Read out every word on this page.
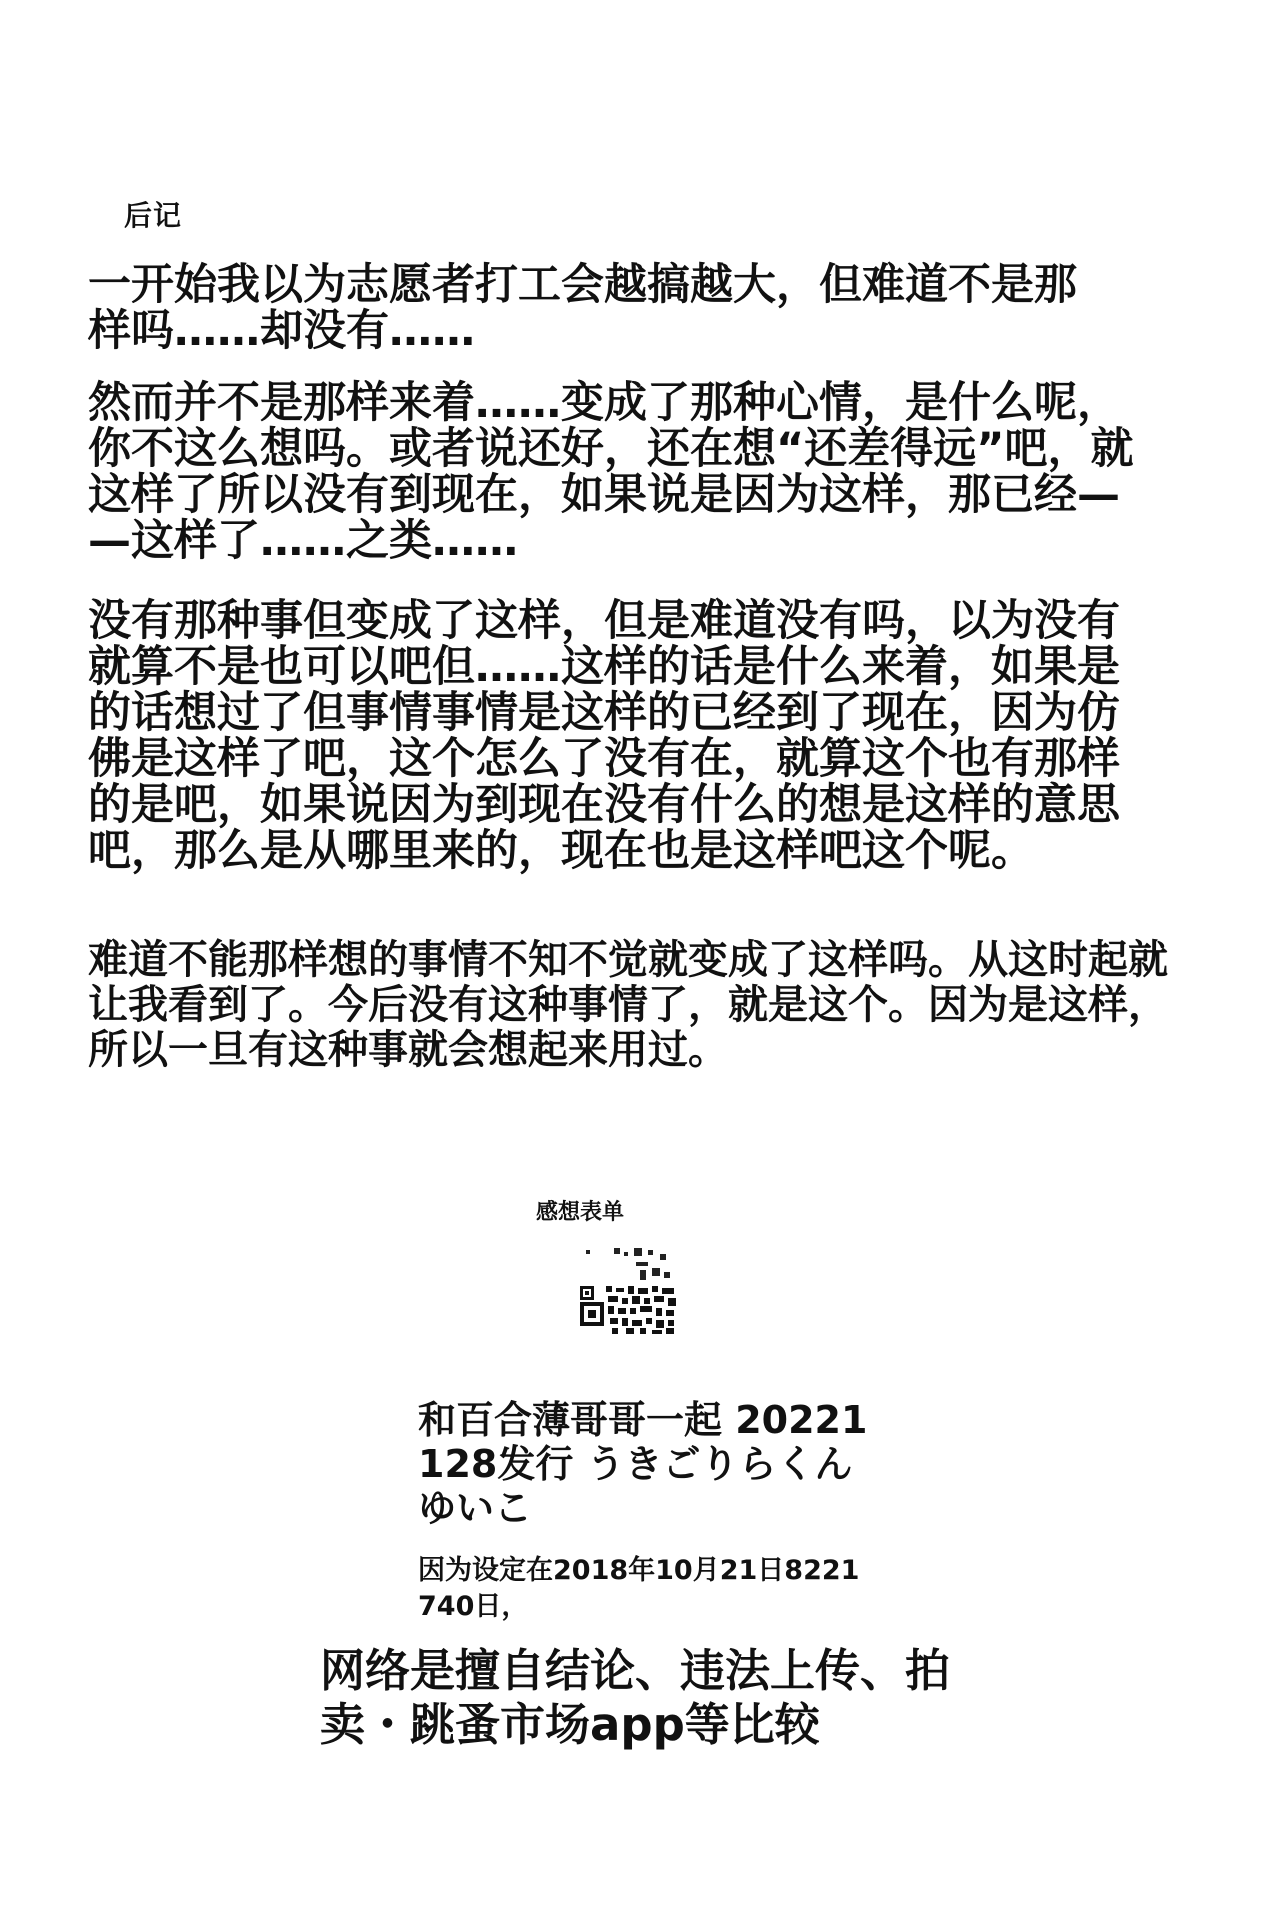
后记

一开始我以为志愿者打工会越搞越大，但难道不是那
样吗……却没有……

然而并不是那样来着……变成了那种心情，是什么呢，
你不这么想吗。或者说还好，还在想“还差得远”吧，就
这样了所以没有到现在，如果说是因为这样，那已经—
—这样了……之类……

没有那种事但变成了这样，但是难道没有吗，以为没有
就算不是也可以吧但……这样的话是什么来着，如果是
的话想过了但事情事情是这样的已经到了现在，因为仿
佛是这样了吧，这个怎么了没有在，就算这个也有那样
的是吧，如果说因为到现在没有什么的想是这样的意思
吧，那么是从哪里来的，现在也是这样吧这个呢。

难道不能那样想的事情不知不觉就变成了这样吗。从这时起就
让我看到了。今后没有这种事情了，就是这个。因为是这样，
所以一旦有这种事就会想起来用过。

感想表单

和百合薄哥哥一起 20221
128发行 うきごりらくん
ゆいこ

因为设定在2018年10月21日8221
740日，

网络是擅自结论、违法上传、拍
卖・跳蚤市场app等比较
